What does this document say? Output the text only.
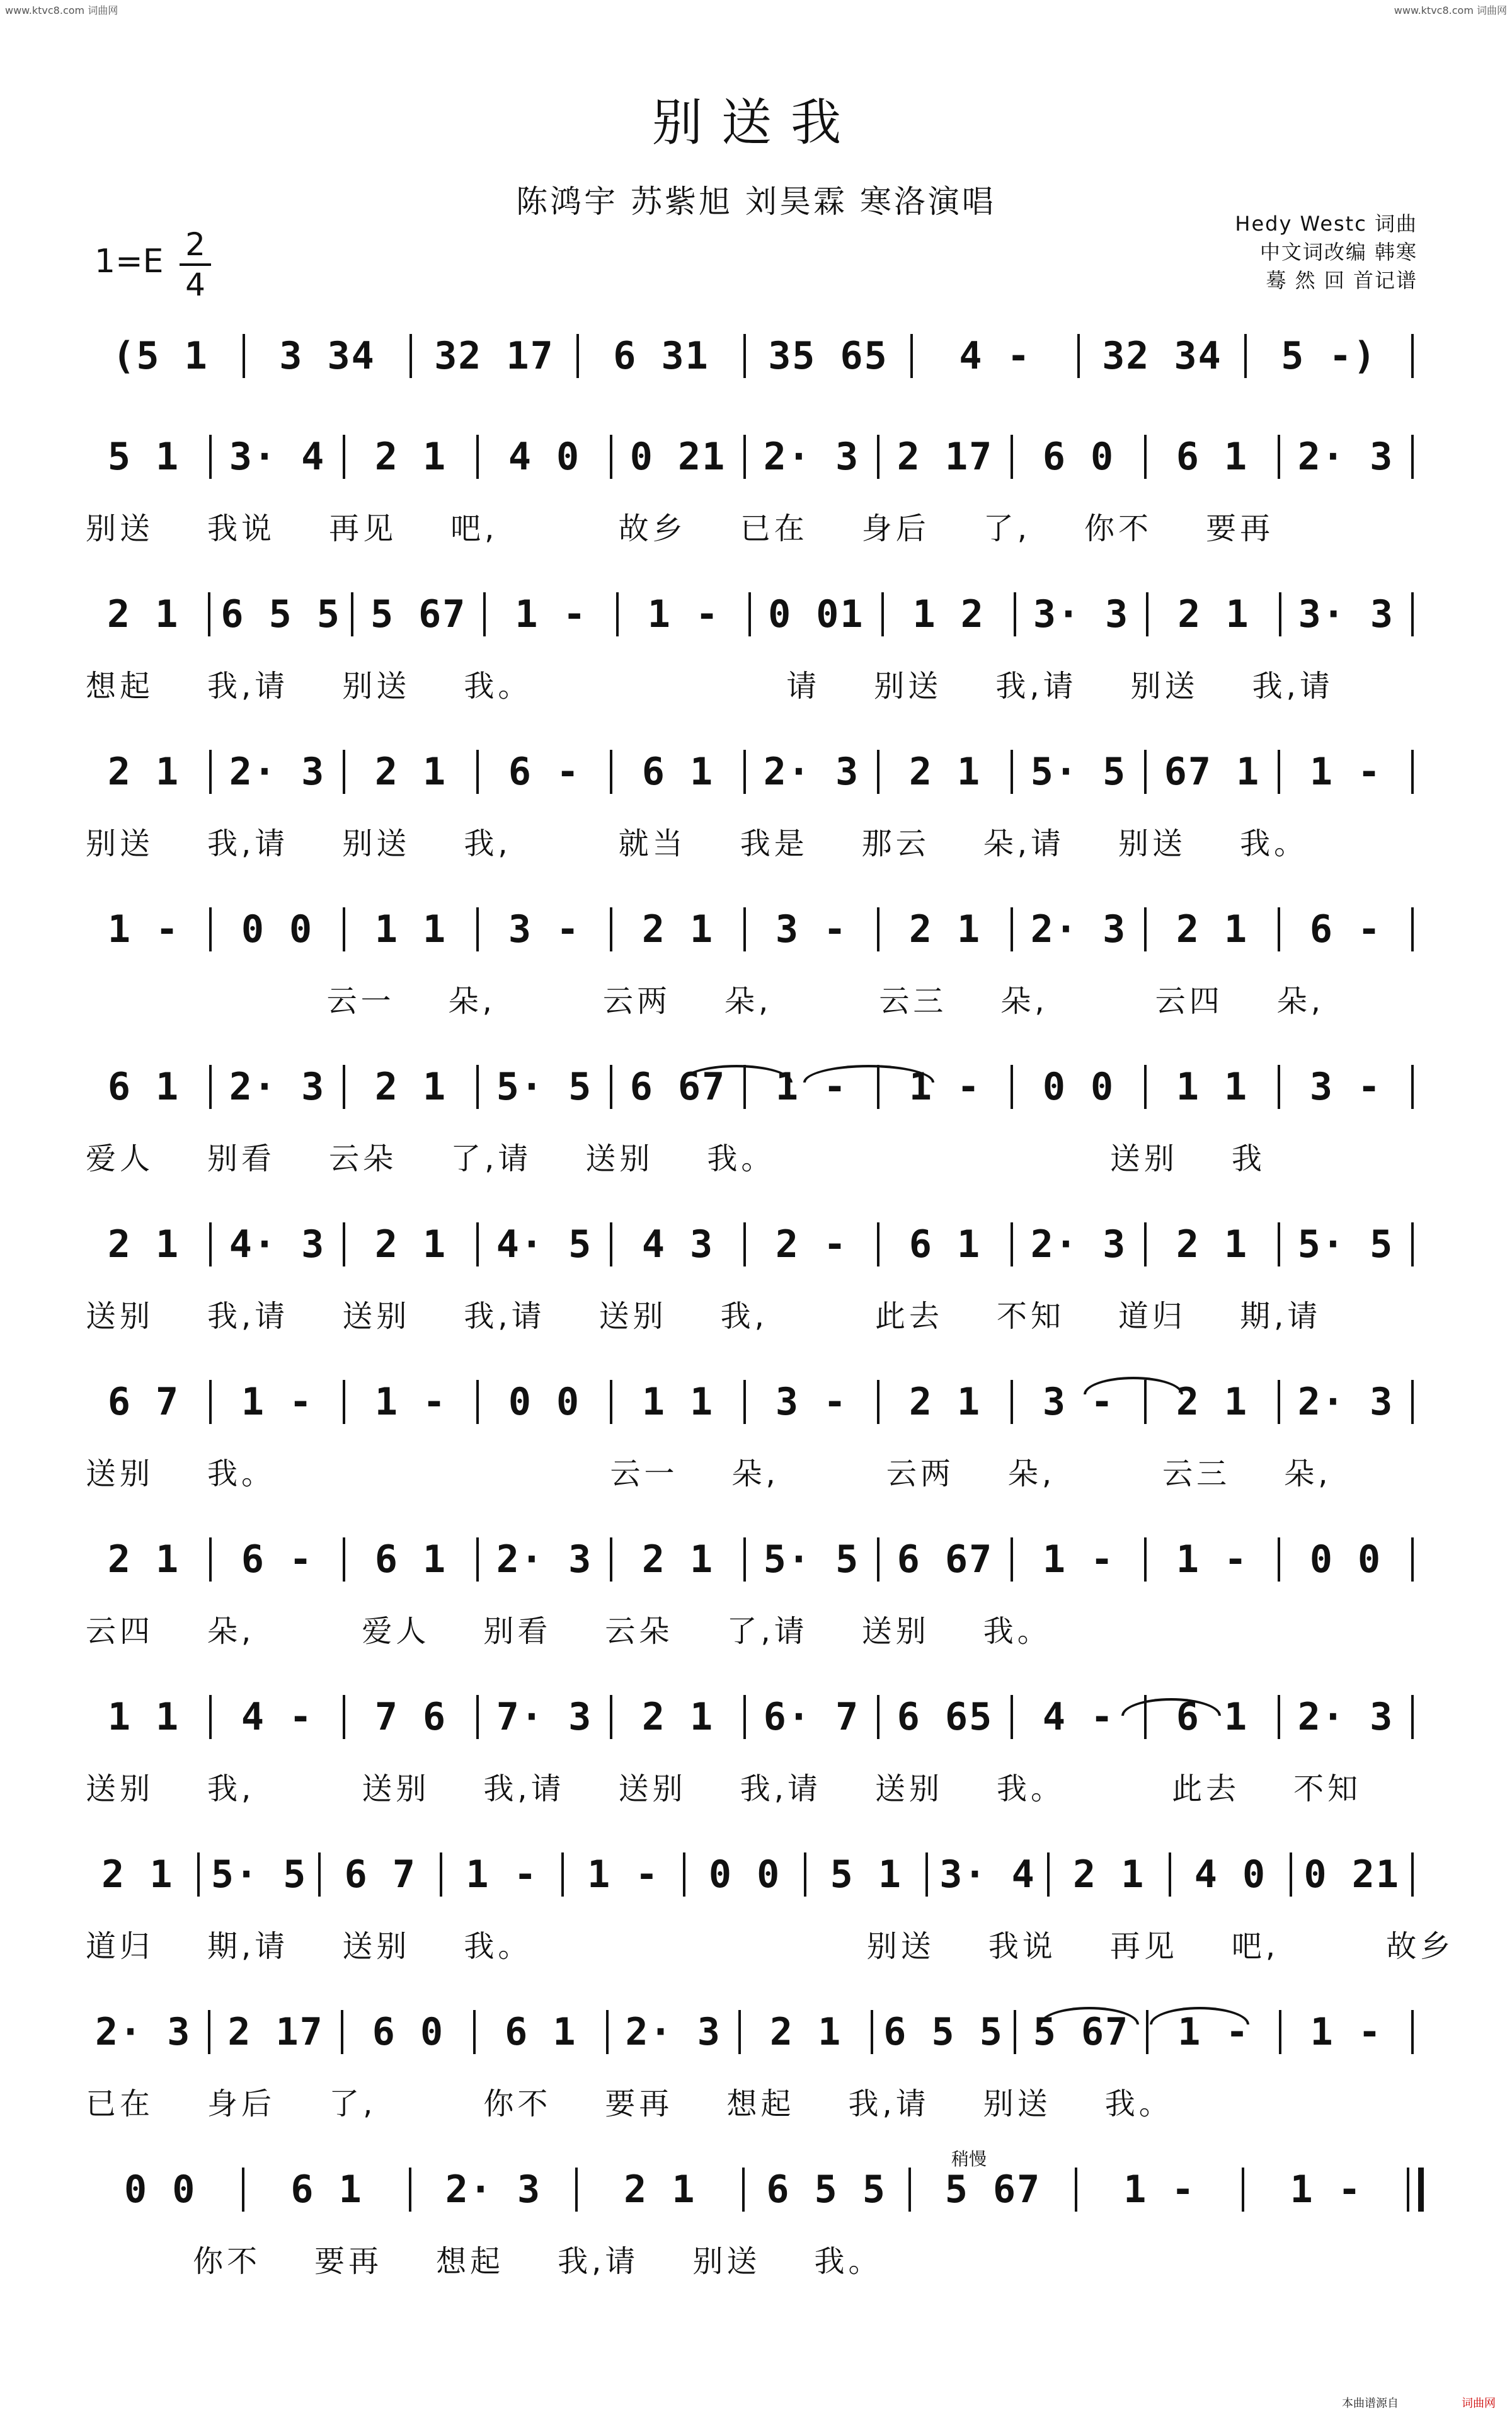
www.ktvc8.com 词曲网	www.ktvc8.com 词曲网
别送我
陈鸿宇 苏紫旭 刘昊霖 寒洛演唱
Hedy Westc 词曲
中文词改编 韩寒
蓦 然 回 首记谱
1=E 2
4
(5 1	3 34	32 17	6 31	35 65	4 -	32 34	5 -)
5 1	3· 4	2 1	4 0	0 21 2· 3 2 17	6 0	6 1	2· 3
别送    我说    再见    吧,         故乡    已在    身后    了,    你不    要再
2 1	6 5 5 5 67	1 -	1 -	0 01	1 2	3· 3	2 1	3· 3
想起    我,请    别送    我。                   请    别送    我,请    别送    我,请
2 1	2· 3	2 1	6 -	6 1	2· 3	2 1	5· 5 67 1	1 -
别送    我,请    别送    我,        就当    我是    那云    朵,请    别送    我。
1 -	0 0	1 1	3 -	2 1	3 -	2 1	2· 3	2 1	6 -
云一    朵,        云两    朵,        云三    朵,        云四    朵,
6 1	2· 3	2 1	5· 5 6 67	1 -	1 -	0 0	1 1	3 -
爱人    别看    云朵    了,请    送别    我。                         送别    我
2 1	4· 3	2 1	4· 5	4 3	2 -	6 1	2· 3	2 1	5· 5
送别    我,请    送别    我,请    送别    我,        此去    不知    道归    期,请
6 7	1 -	1 -	0 0	1 1	3 -	2 1	3 -	2 1	2· 3
送别    我。                         云一    朵,        云两    朵,        云三    朵,
2 1	6 -	6 1	2· 3	2 1	5· 5 6 67	1 -	1 -	0 0
云四    朵,        爱人    别看    云朵    了,请    送别    我。
1 1	4 -	7 6	7· 3	2 1	6· 7 6 65	4 -	6 1	2· 3
送别    我,        送别    我,请    送别    我,请    送别    我。        此去    不知
2 1 5· 5 6 7	1 -	1 -	0 0	5 1 3· 4 2 1	4 0 0 21
道归    期,请    送别    我。                         别送    我说    再见    吧,        故乡
2· 3 2 17	6 0	6 1	2· 3	2 1	6 5 5 5 67	1 -	1 -
已在    身后    了,        你不    要再    想起    我,请    别送    我。
0 0	6 1	2· 3	2 1	6 5 5	5 67	1 -	1 -
你不    要再    想起    我,请    别送    我。
稍慢
本曲谱源自	词曲网
